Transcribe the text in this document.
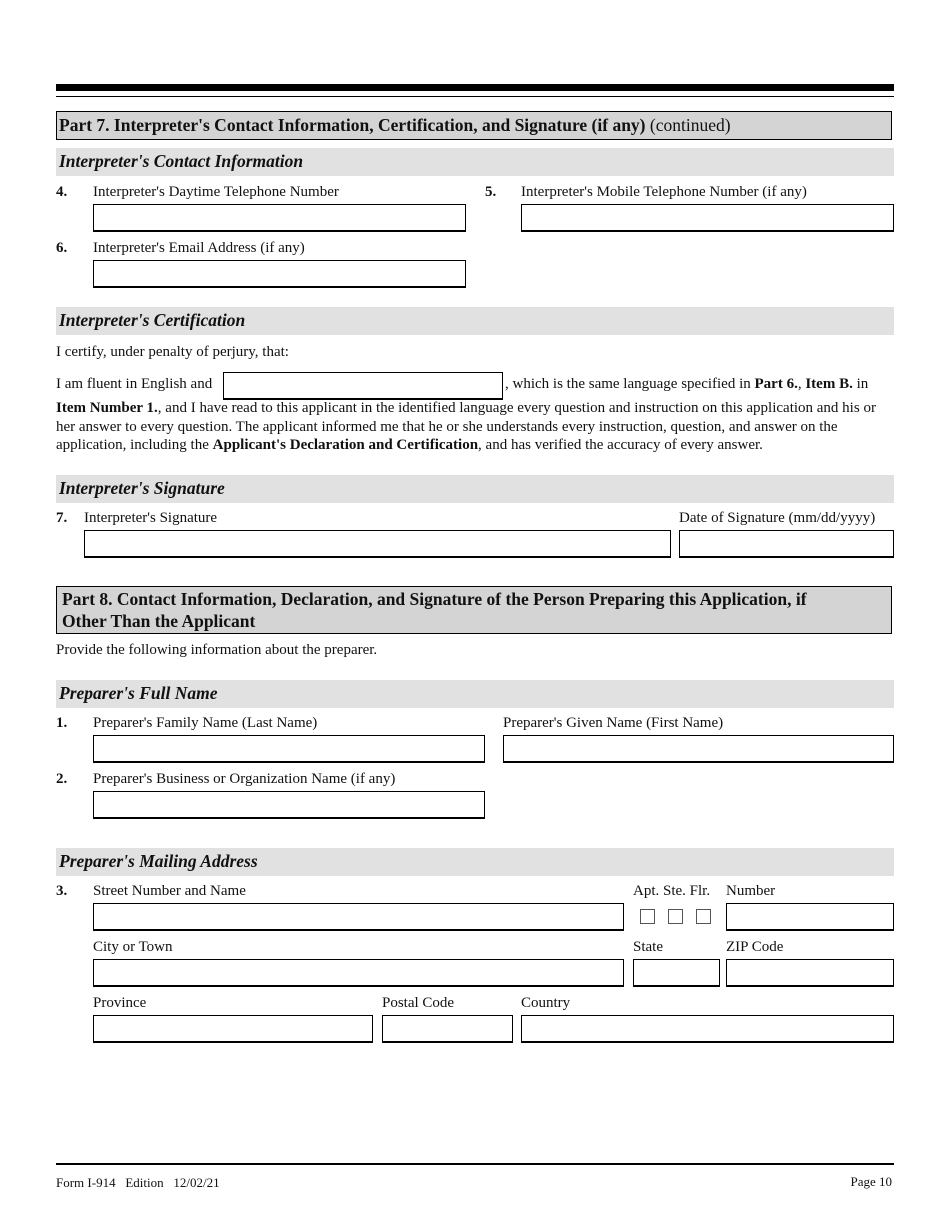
Part 7. Interpreter's Contact Information, Certification, and Signature (if any) (continued)
Interpreter's Contact Information
4. Interpreter's Daytime Telephone Number	5. Interpreter's Mobile Telephone Number (if any)
6. Interpreter's Email Address (if any)
Interpreter's Certification
I certify, under penalty of perjury, that:
I am fluent in English and	, which is the same language specified in Part 6., Item B. in
Item Number 1., and I have read to this applicant in the identified language every question and instruction on this application and his or her answer to every question. The applicant informed me that he or she understands every instruction, question, and answer on the application, including the Applicant's Declaration and Certification, and has verified the accuracy of every answer.
Interpreter's Signature
7. Interpreter's Signature	Date of Signature (mm/dd/yyyy)
Part 8. Contact Information, Declaration, and Signature of the Person Preparing this Application, if
Other Than the Applicant
Provide the following information about the preparer.
Preparer's Full Name
1. Preparer's Family Name (Last Name)	Preparer's Given Name (First Name)
2. Preparer's Business or Organization Name (if any)
Preparer's Mailing Address
3. Street Number and Name	Apt. Ste. Flr. Number
City or Town	State	ZIP Code
Province	Postal Code	Country
Form I-914   Edition   12/02/21	Page 10
